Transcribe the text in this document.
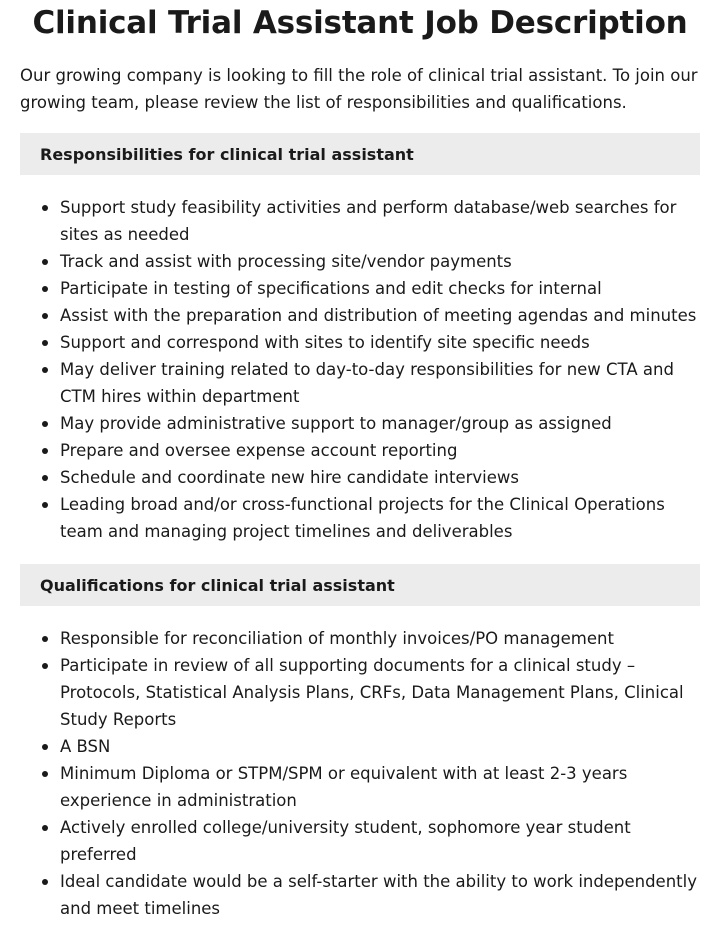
Clinical Trial Assistant Job Description

Our growing company is looking to fill the role of clinical trial assistant. To join our growing team, please review the list of responsibilities and qualifications.

Responsibilities for clinical trial assistant
Support study feasibility activities and perform database/web searches for sites as needed
Track and assist with processing site/vendor payments
Participate in testing of specifications and edit checks for internal
Assist with the preparation and distribution of meeting agendas and minutes
Support and correspond with sites to identify site specific needs
May deliver training related to day-to-day responsibilities for new CTA and CTM hires within department
May provide administrative support to manager/group as assigned
Prepare and oversee expense account reporting
Schedule and coordinate new hire candidate interviews
Leading broad and/or cross-functional projects for the Clinical Operations team and managing project timelines and deliverables
Qualifications for clinical trial assistant
Responsible for reconciliation of monthly invoices/PO management
Participate in review of all supporting documents for a clinical study – Protocols, Statistical Analysis Plans, CRFs, Data Management Plans, Clinical Study Reports
A BSN
Minimum Diploma or STPM/SPM or equivalent with at least 2-3 years experience in administration
Actively enrolled college/university student, sophomore year student preferred
Ideal candidate would be a self-starter with the ability to work independently and meet timelines
